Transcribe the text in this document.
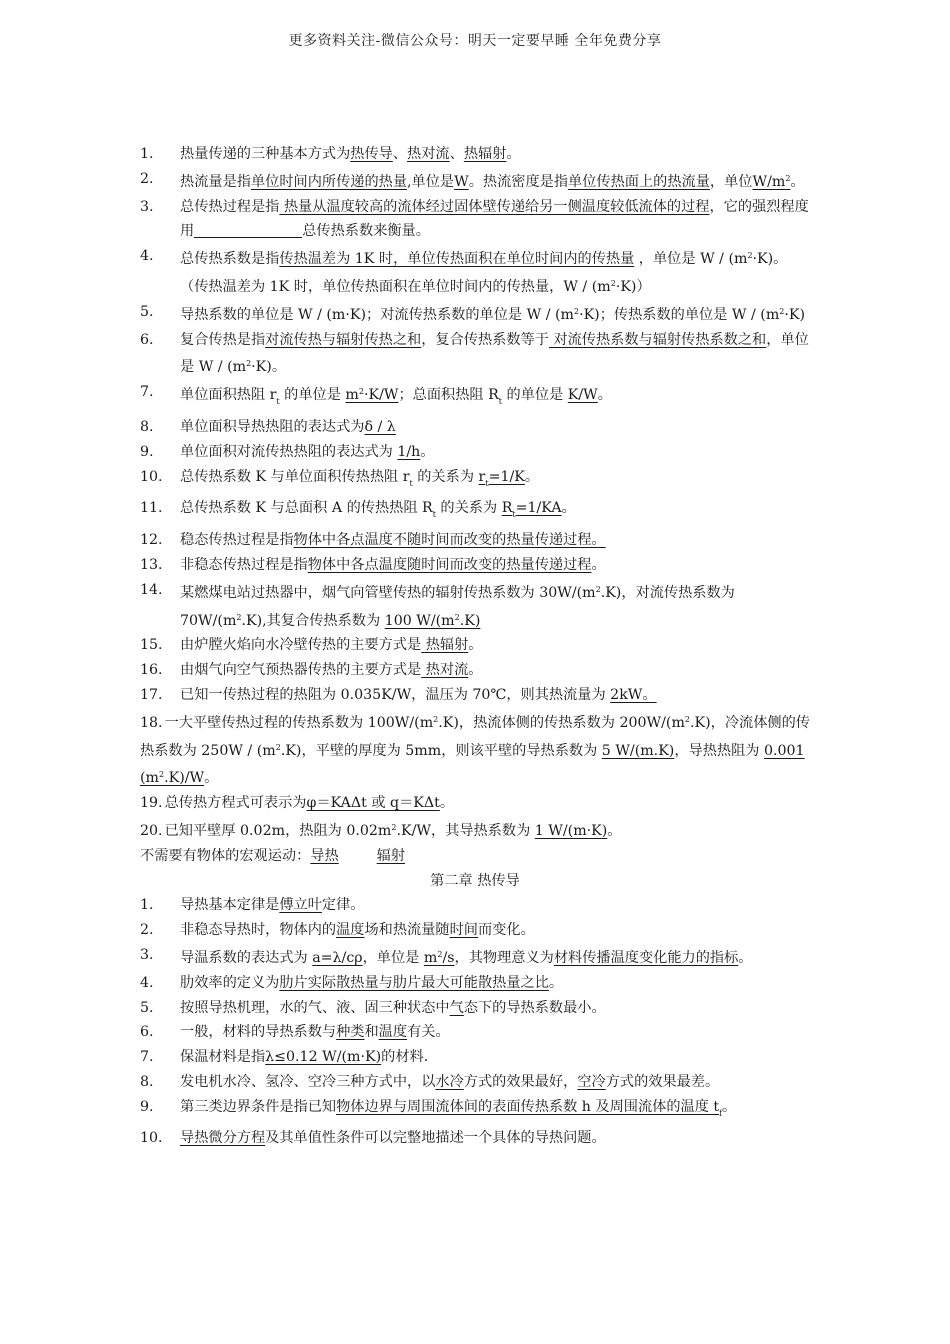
更多资料关注-微信公众号：明天一定要早睡 全年免费分享
1. 热量传递的三种基本方式为热传导、热对流、热辐射。
2. 热流量是指单位时间内所传递的热量,单位是W。热流密度是指单位传热面上的热流量，单位$W/m^2$。
3. 总传热过程是指 热量从温度较高的流体经过固体壁传递给另一侧温度较低流体的过程，它的强烈程度用	总传热系数来衡量。
4. 总传热系数是指传热温差为 1K 时，单位传热面积在单位时间内的传热量 ，单位是 $W / (m^2\cdot K)$。
（传热温差为 1K 时，单位传热面积在单位时间内的传热量，$W / (m^2\cdot K)$）
5. 导热系数的单位是 W / (m·K)；对流传热系数的单位是 $W / (m^2\cdot K)$；传热系数的单位是 $W / (m^2\cdot K)$
6. 复合传热是指对流传热与辐射传热之和，复合传热系数等于 对流传热系数与辐射传热系数之和，单位是 $W / (m^2\cdot K)$。
7. 单位面积热阻 $r_t$ 的单位是 $m^2\cdot K/W$；总面积热阻 $R_t$ 的单位是 K/W。
8. 单位面积导热热阻的表达式为δ / λ
9. 单位面积对流传热热阻的表达式为 1/h。
10. 总传热系数 K 与单位面积传热热阻 $r_t$ 的关系为 $r_t=1/K$。
11. 总传热系数 K 与总面积 A 的传热热阻 $R_t$ 的关系为 $R_t=1/KA$。
12. 稳态传热过程是指物体中各点温度不随时间而改变的热量传递过程。
13. 非稳态传热过程是指物体中各点温度随时间而改变的热量传递过程。
14. 某燃煤电站过热器中，烟气向管壁传热的辐射传热系数为 $30W/(m^2.K)$，对流传热系数为 $70W/(m^2.K)$,其复合传热系数为 100 $W/(m^2.K)$
15. 由炉膛火焰向水冷壁传热的主要方式是 热辐射。
16. 由烟气向空气预热器传热的主要方式是 热对流。
17. 已知一传热过程的热阻为 0.035K/W，温压为 70℃，则其热流量为 2kW。
18. 一大平壁传热过程的传热系数为 $100W/(m^2.K)$，热流体侧的传热系数为 $200W/(m^2.K)$，冷流体侧的传热系数为 $250W / (m^2.K)$，平壁的厚度为 5mm，则该平壁的导热系数为 5 W/(m.K)，导热热阻为 0.001 $(m^2.K)/W$。
19. 总传热方程式可表示为φ＝KAΔt 或 q＝KΔt。
20. 已知平壁厚 0.02m，热阻为 $0.02m^2.K/W$，其导热系数为 1 W/(m·K)。
不需要有物体的宏观运动：导热	辐射
第二章 热传导
1. 导热基本定律是傅立叶定律。
2. 非稳态导热时，物体内的温度场和热流量随时间而变化。
3. 导温系数的表达式为 a=λ/cρ，单位是 $m^2/s$，其物理意义为材料传播温度变化能力的指标。
4. 肋效率的定义为肋片实际散热量与肋片最大可能散热量之比。
5. 按照导热机理，水的气、液、固三种状态中气态下的导热系数最小。
6. 一般，材料的导热系数与种类和温度有关。
7. 保温材料是指λ≤0.12 W/(m·K)的材料.
8. 发电机水冷、氢冷、空冷三种方式中，以水冷方式的效果最好，空冷方式的效果最差。
9. 第三类边界条件是指已知物体边界与周围流体间的表面传热系数 h 及周围流体的温度 $t_f$。
10. 导热微分方程及其单值性条件可以完整地描述一个具体的导热问题。
